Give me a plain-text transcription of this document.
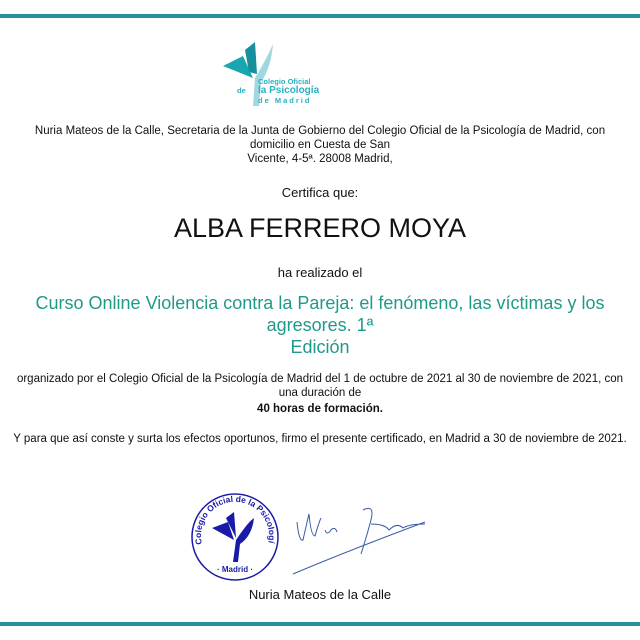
Colegio Oficial
de la Psicología
de Madrid
Nuria Mateos de la Calle, Secretaria de la Junta de Gobierno del Colegio Oficial de la Psicología de Madrid, con domicilio en Cuesta de San
Vicente, 4-5ª. 28008 Madrid,
Certifica que:
ALBA FERRERO MOYA
ha realizado el
Curso Online Violencia contra la Pareja: el fenómeno, las víctimas y los agresores. 1ª
Edición
organizado por el Colegio Oficial de la Psicología de Madrid del 1 de octubre de 2021 al 30 de noviembre de 2021, con una duración de
40 horas de formación.
Y para que así conste y surta los efectos oportunos, firmo el presente certificado, en Madrid a 30 de noviembre de 2021.
Colegio Oficial de la Psicologí
· Madrid ·
Nuria Mateos de la Calle
